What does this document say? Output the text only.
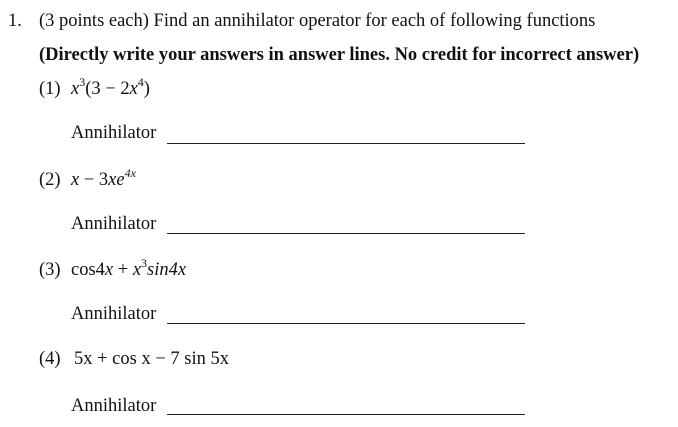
1. (3 points each) Find an annihilator operator for each of following functions
(Directly write your answers in answer lines. No credit for incorrect answer)
(1) $x^3(3 - 2x^4)$
Annihilator
(2) $x - 3xe^{4x}$
Annihilator
(3) $\cos 4x + x^3\sin 4x$
Annihilator
(4) 5x + cos x − 7 sin 5x
Annihilator
